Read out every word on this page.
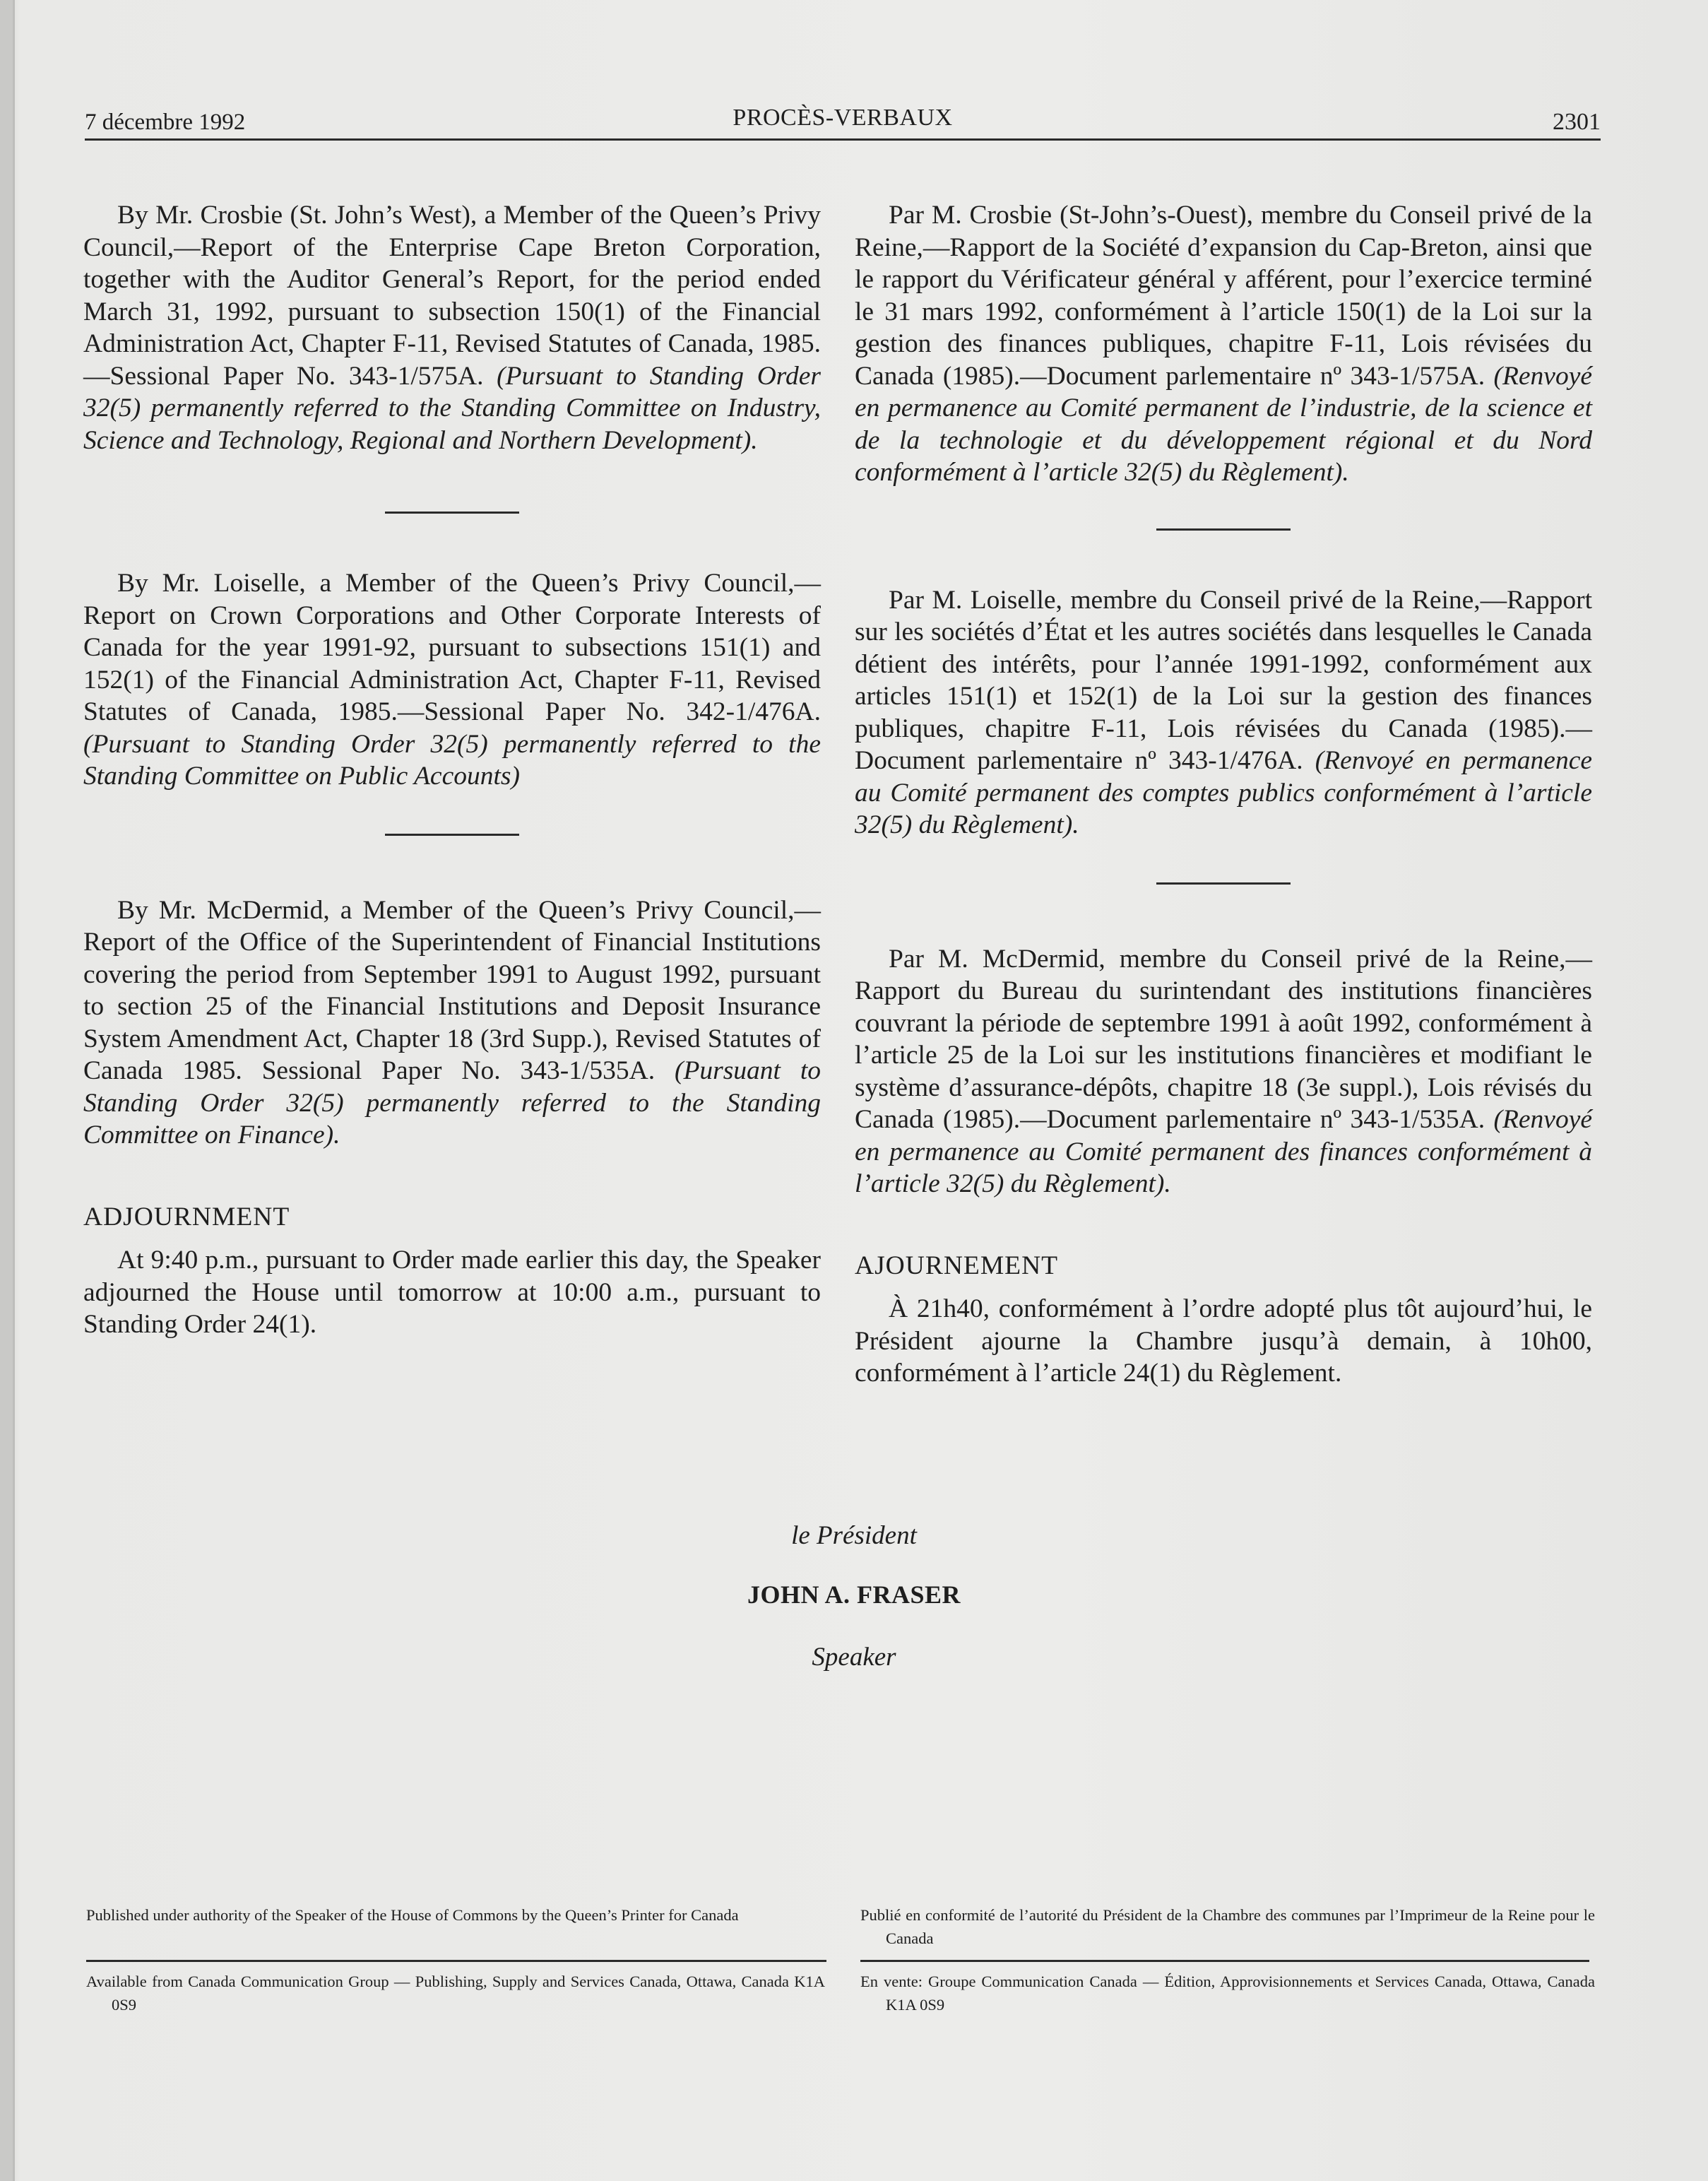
7 décembre 1992	PROCÈS-VERBAUX	2301

By Mr. Crosbie (St. John’s West), a Member of the Queen’s Privy Council,—Report of the Enterprise Cape Breton Corporation, together with the Auditor General’s Report, for the period ended March 31, 1992, pursuant to subsection 150(1) of the Financial Administration Act, Chapter F-11, Revised Statutes of Canada, 1985.—Sessional Paper No. 343-1/575A. (Pursuant to Standing Order 32(5) permanently referred to the Standing Committee on Industry, Science and Technology, Regional and Northern Development).

By Mr. Loiselle, a Member of the Queen’s Privy Council,—Report on Crown Corporations and Other Corporate Interests of Canada for the year 1991-92, pursuant to subsections 151(1) and 152(1) of the Financial Administration Act, Chapter F-11, Revised Statutes of Canada, 1985.—Sessional Paper No. 342-1/476A. (Pursuant to Standing Order 32(5) permanently referred to the Standing Committee on Public Accounts)

By Mr. McDermid, a Member of the Queen’s Privy Council,—Report of the Office of the Superintendent of Financial Institutions covering the period from September 1991 to August 1992, pursuant to section 25 of the Financial Institutions and Deposit Insurance System Amendment Act, Chapter 18 (3rd Supp.), Revised Statutes of Canada 1985. Sessional Paper No. 343-1/535A. (Pursuant to Standing Order 32(5) permanently referred to the Standing Committee on Finance).

ADJOURNMENT

At 9:40 p.m., pursuant to Order made earlier this day, the Speaker adjourned the House until tomorrow at 10:00 a.m., pursuant to Standing Order 24(1).

Par M. Crosbie (St-John’s-Ouest), membre du Conseil privé de la Reine,—Rapport de la Société d’expansion du Cap-Breton, ainsi que le rapport du Vérificateur général y afférent, pour l’exercice terminé le 31 mars 1992, conformément à l’article 150(1) de la Loi sur la gestion des finances publiques, chapitre F-11, Lois révisées du Canada (1985).—Document parlementaire nº 343-1/575A. (Renvoyé en permanence au Comité permanent de l’industrie, de la science et de la technologie et du développement régional et du Nord conformément à l’article 32(5) du Règlement).

Par M. Loiselle, membre du Conseil privé de la Reine,—Rapport sur les sociétés d’État et les autres sociétés dans lesquelles le Canada détient des intérêts, pour l’année 1991-1992, conformément aux articles 151(1) et 152(1) de la Loi sur la gestion des finances publiques, chapitre F-11, Lois révisées du Canada (1985).—Document parlementaire nº 343-1/476A. (Renvoyé en permanence au Comité permanent des comptes publics conformément à l’article 32(5) du Règlement).

Par M. McDermid, membre du Conseil privé de la Reine,—Rapport du Bureau du surintendant des institutions financières couvrant la période de septembre 1991 à août 1992, conformément à l’article 25 de la Loi sur les institutions financières et modifiant le système d’assurance-dépôts, chapitre 18 (3e suppl.), Lois révisés du Canada (1985).—Document parlementaire nº 343-1/535A. (Renvoyé en permanence au Comité permanent des finances conformément à l’article 32(5) du Règlement).

AJOURNEMENT

À 21h40, conformément à l’ordre adopté plus tôt aujourd’hui, le Président ajourne la Chambre jusqu’à demain, à 10h00, conformément à l’article 24(1) du Règlement.

le Président
JOHN A. FRASER
Speaker

Published under authority of the Speaker of the House of Commons by the Queen’s Printer for Canada

Available from Canada Communication Group — Publishing, Supply and Services Canada, Ottawa, Canada K1A 0S9

Publié en conformité de l’autorité du Président de la Chambre des communes par l’Imprimeur de la Reine pour le Canada

En vente: Groupe Communication Canada — Édition, Approvisionnements et Services Canada, Ottawa, Canada K1A 0S9
